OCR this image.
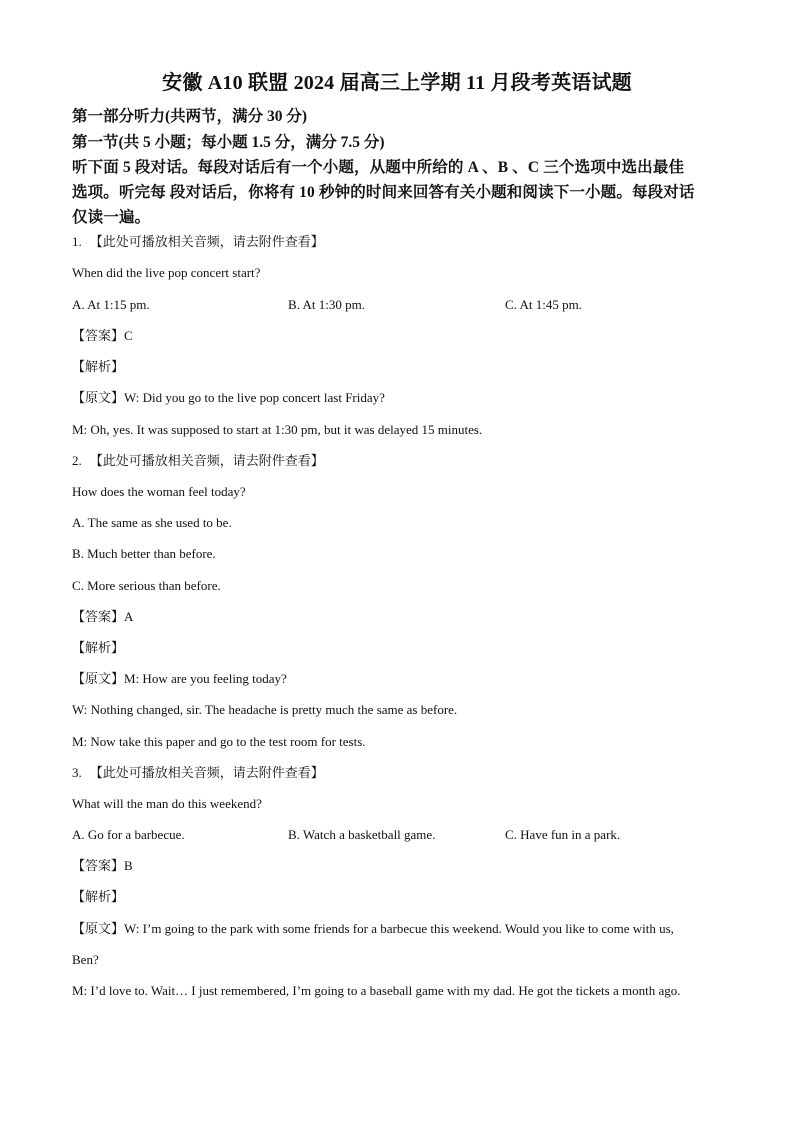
安徽 A10 联盟 2024 届高三上学期 11 月段考英语试题
第一部分听力(共两节，满分 30 分)
第一节(共 5 小题；每小题 1.5 分，满分 7.5 分)
听下面 5 段对话。每段对话后有一个小题，从题中所给的 A 、B 、C 三个选项中选出最佳
选项。听完每 段对话后，你将有 10 秒钟的时间来回答有关小题和阅读下一小题。每段对话
仅读一遍。
1. 【此处可播放相关音频，请去附件查看】
When did the live pop concert start?
A. At 1:15 pm.	B. At 1:30 pm.	C. At 1:45 pm.
【答案】C
【解析】
【原文】W: Did you go to the live pop concert last Friday?
M: Oh, yes. It was supposed to start at 1:30 pm, but it was delayed 15 minutes.
2. 【此处可播放相关音频，请去附件查看】
How does the woman feel today?
A. The same as she used to be.
B. Much better than before.
C. More serious than before.
【答案】A
【解析】
【原文】M: How are you feeling today?
W: Nothing changed, sir. The headache is pretty much the same as before.
M: Now take this paper and go to the test room for tests.
3. 【此处可播放相关音频，请去附件查看】
What will the man do this weekend?
A. Go for a barbecue.	B. Watch a basketball game.	C. Have fun in a park.
【答案】B
【解析】
【原文】W: I’m going to the park with some friends for a barbecue this weekend. Would you like to come with us,
Ben?
M: I’d love to. Wait… I just remembered, I’m going to a baseball game with my dad. He got the tickets a month ago.
